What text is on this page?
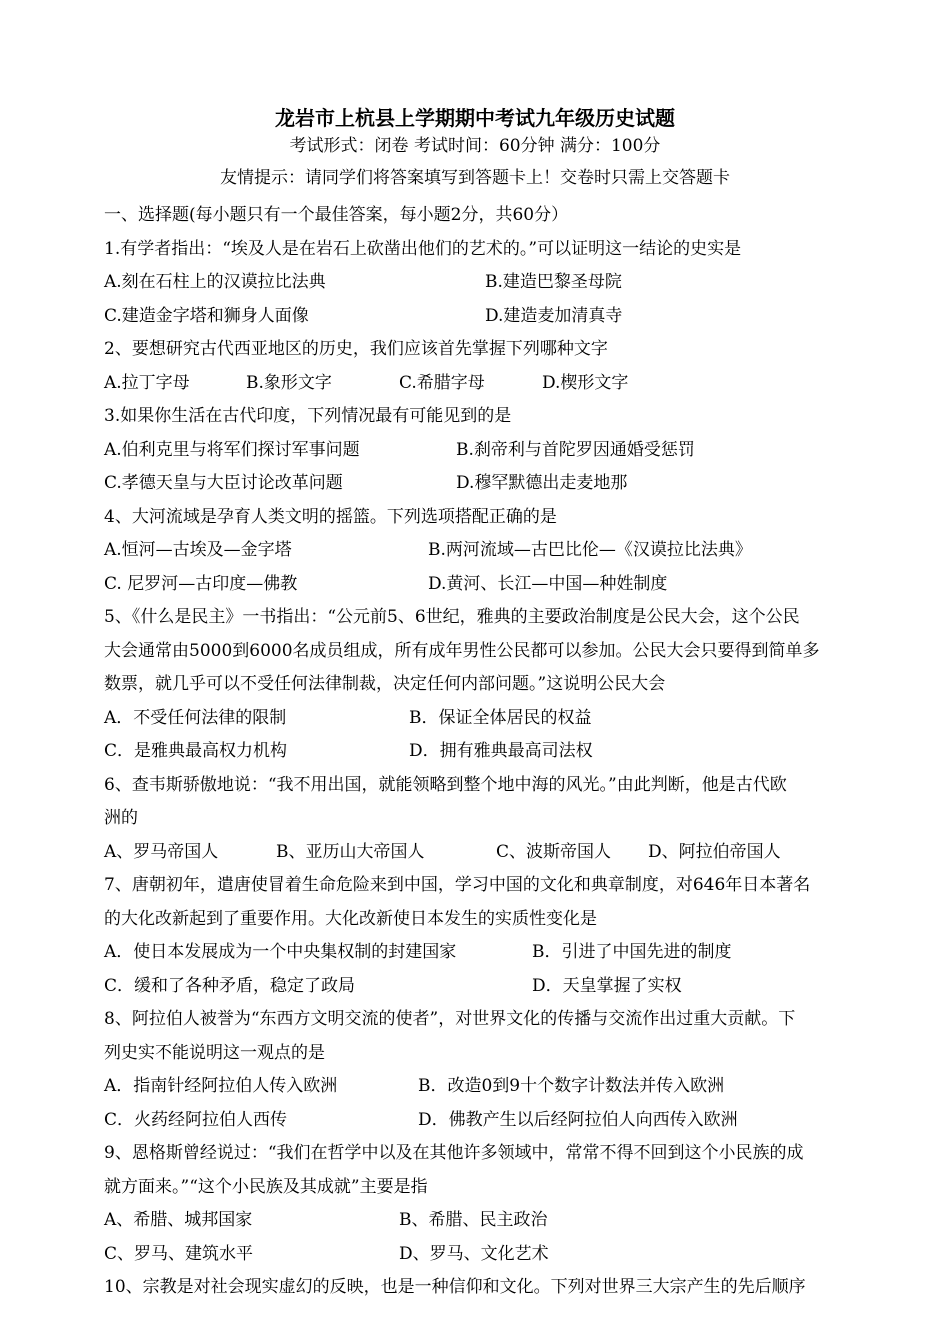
龙岩市上杭县上学期期中考试九年级历史试题
考试形式：闭卷 考试时间：60分钟 满分：100分
友情提示：请同学们将答案填写到答题卡上！交卷时只需上交答题卡
一、选择题(每小题只有一个最佳答案，每小题2分，共60分）
1.有学者指出：“埃及人是在岩石上砍凿出他们的艺术的。”可以证明这一结论的史实是
A.刻在石柱上的汉谟拉比法典	B.建造巴黎圣母院
C.建造金字塔和狮身人面像	D.建造麦加清真寺
2、要想研究古代西亚地区的历史，我们应该首先掌握下列哪种文字
A.拉丁字母	B.象形文字	C.希腊字母	D.楔形文字
3.如果你生活在古代印度，下列情况最有可能见到的是
A.伯利克里与将军们探讨军事问题	B.刹帝利与首陀罗因通婚受惩罚
C.孝德天皇与大臣讨论改革问题	D.穆罕默德出走麦地那
4、大河流域是孕育人类文明的摇篮。下列选项搭配正确的是
A.恒河—古埃及—金字塔	B.两河流域—古巴比伦—《汉谟拉比法典》
C. 尼罗河—古印度—佛教	D.黄河、长江—中国—种姓制度
5、《什么是民主》一书指出：“公元前5、6世纪，雅典的主要政治制度是公民大会，这个公民
大会通常由5000到6000名成员组成，所有成年男性公民都可以参加。公民大会只要得到简单多
数票，就几乎可以不受任何法律制裁，决定任何内部问题。”这说明公民大会
A．不受任何法律的限制	B．保证全体居民的权益
C．是雅典最高权力机构	D．拥有雅典最高司法权
6、查韦斯骄傲地说：“我不用出国，就能领略到整个地中海的风光。”由此判断，他是古代欧
洲的
A、罗马帝国人	B、亚历山大帝国人	C、波斯帝国人 D、阿拉伯帝国人
7、唐朝初年，遣唐使冒着生命危险来到中国，学习中国的文化和典章制度，对646年日本著名
的大化改新起到了重要作用。大化改新使日本发生的实质性变化是
A．使日本发展成为一个中央集权制的封建国家	B．引进了中国先进的制度
C．缓和了各种矛盾，稳定了政局	D．天皇掌握了实权
8、阿拉伯人被誉为“东西方文明交流的使者”，对世界文化的传播与交流作出过重大贡献。下
列史实不能说明这一观点的是
A．指南针经阿拉伯人传入欧洲	B．改造0到9十个数字计数法并传入欧洲
C．火药经阿拉伯人西传	D．佛教产生以后经阿拉伯人向西传入欧洲
9、恩格斯曾经说过：“我们在哲学中以及在其他许多领域中，常常不得不回到这个小民族的成
就方面来。”“这个小民族及其成就”主要是指
A、希腊、城邦国家	B、希腊、民主政治
C、罗马、建筑水平	D、罗马、文化艺术
10、宗教是对社会现实虚幻的反映，也是一种信仰和文化。下列对世界三大宗产生的先后顺序
